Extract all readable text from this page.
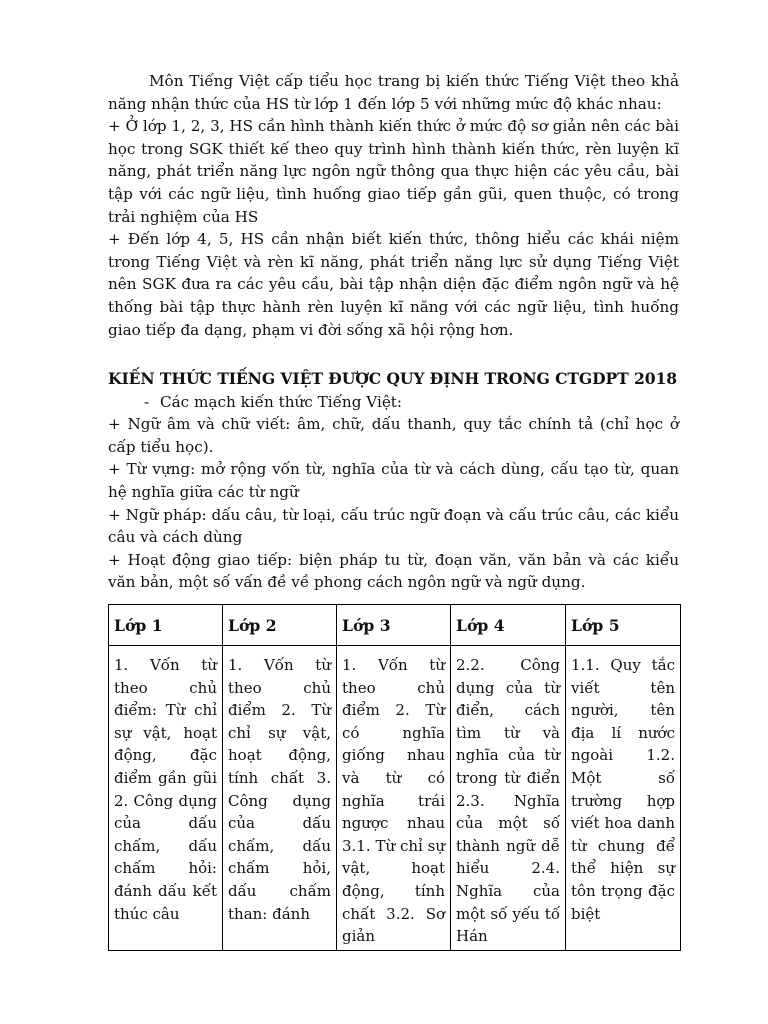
Môn Tiếng Việt cấp tiểu học trang bị kiến thức Tiếng Việt theo khả năng nhận thức của HS từ lớp 1 đến lớp 5 với những mức độ khác nhau:

+ Ở lớp 1, 2, 3, HS cần hình thành kiến thức ở mức độ sơ giản nên các bài học trong SGK thiết kế theo quy trình hình thành kiến thức, rèn luyện kĩ năng, phát triển năng lực ngôn ngữ thông qua thực hiện các yêu cầu, bài tập với các ngữ liệu, tình huống giao tiếp gần gũi, quen thuộc, có trong trải nghiệm của HS

+ Đến lớp 4, 5, HS cần nhận biết kiến thức, thông hiểu các khái niệm trong Tiếng Việt và rèn kĩ năng, phát triển năng lực sử dụng Tiếng Việt nên SGK đưa ra các yêu cầu, bài tập nhận diện đặc điểm ngôn ngữ và hệ thống bài tập thực hành rèn luyện kĩ năng với các ngữ liệu, tình huống giao tiếp đa dạng, phạm vi đời sống xã hội rộng hơn.

KIẾN THỨC TIẾNG VIỆT ĐƯỢC QUY ĐỊNH TRONG CTGDPT 2018

- Các mạch kiến thức Tiếng Việt:

+ Ngữ âm và chữ viết: âm, chữ, dấu thanh, quy tắc chính tả (chỉ học ở cấp tiểu học).

+ Từ vựng: mở rộng vốn từ, nghĩa của từ và cách dùng, cấu tạo từ, quan hệ nghĩa giữa các từ ngữ

+ Ngữ pháp: dấu câu, từ loại, cấu trúc ngữ đoạn và cấu trúc câu, các kiểu câu và cách dùng

+ Hoạt động giao tiếp: biện pháp tu từ, đoạn văn, văn bản và các kiểu văn bản, một số vấn đề về phong cách ngôn ngữ và ngữ dụng.

Lớp 1	Lớp 2	Lớp 3	Lớp 4	Lớp 5

1. Vốn từ theo chủ điểm: Từ chỉ sự vật, hoạt động, đặc điểm gần gũi 2. Công dụng của dấu chấm, dấu chấm hỏi: đánh dấu kết thúc câu	1. Vốn từ theo chủ điểm 2. Từ chỉ sự vật, hoạt động, tính chất 3. Công dụng của dấu chấm, dấu chấm hỏi, dấu chấm than: đánh	1. Vốn từ theo chủ điểm 2. Từ có nghĩa giống nhau và từ có nghĩa trái ngược nhau 3.1. Từ chỉ sự vật, hoạt động, tính chất 3.2. Sơ giản	2.2. Công dụng của từ điển, cách tìm từ và nghĩa của từ trong từ điển 2.3. Nghĩa của một số thành ngữ dễ hiểu 2.4. Nghĩa của một số yếu tố Hán	1.1. Quy tắc viết tên người, tên địa lí nước ngoài 1.2. Một số trường hợp viết hoa danh từ chung để thể hiện sự tôn trọng đặc biệt
